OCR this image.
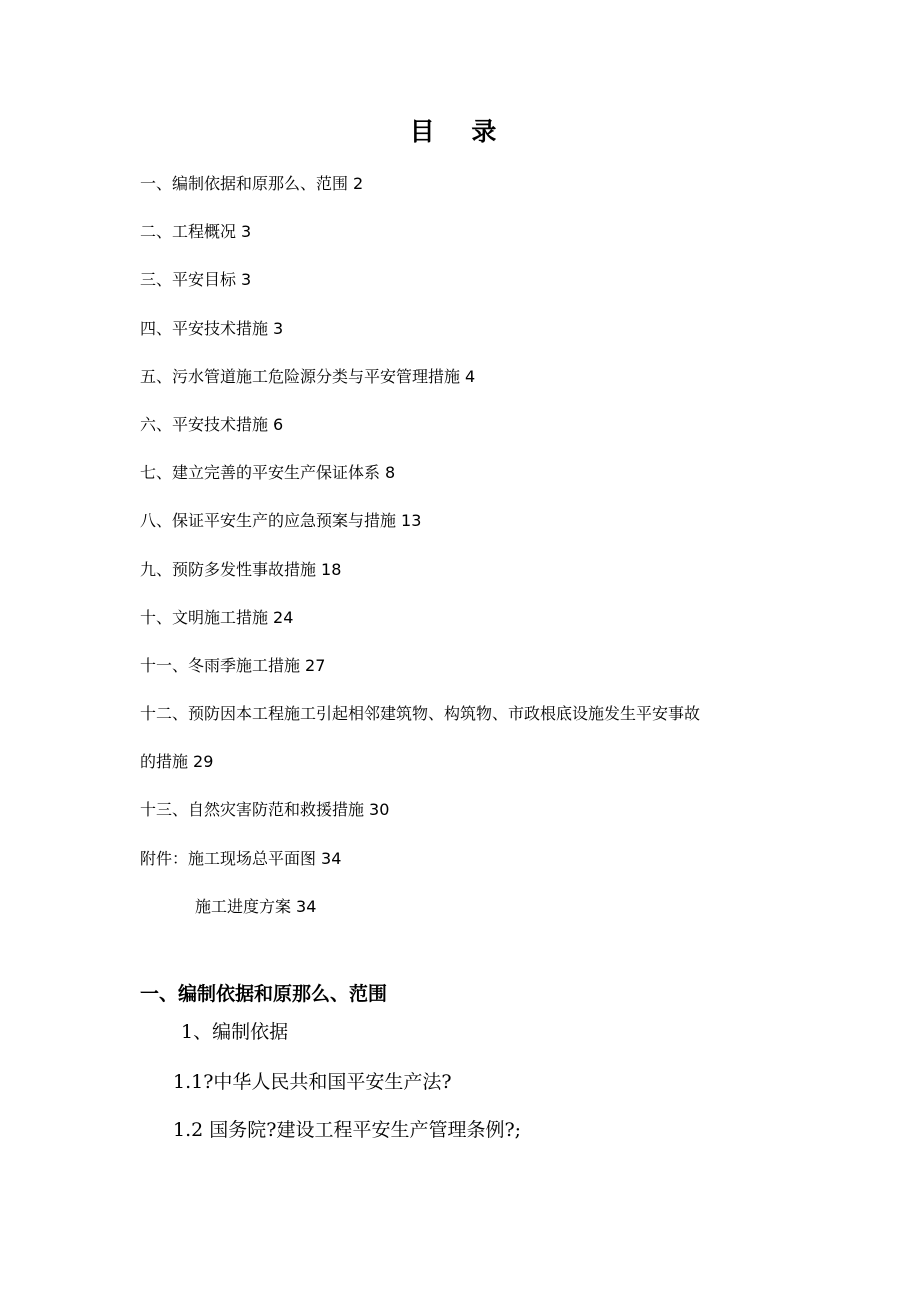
目 录
一、编制依据和原那么、范围 2
二、工程概况 3
三、平安目标 3
四、平安技术措施 3
五、污水管道施工危险源分类与平安管理措施 4
六、平安技术措施 6
七、建立完善的平安生产保证体系 8
八、保证平安生产的应急预案与措施 13
九、预防多发性事故措施 18
十、文明施工措施 24
十一、冬雨季施工措施 27
十二、预防因本工程施工引起相邻建筑物、构筑物、市政根底设施发生平安事故
的措施 29
十三、自然灾害防范和救援措施 30
附件：施工现场总平面图 34
施工进度方案 34
一、编制依据和原那么、范围
1、编制依据
1.1?中华人民共和国平安生产法?
1.2 国务院?建设工程平安生产管理条例?;
